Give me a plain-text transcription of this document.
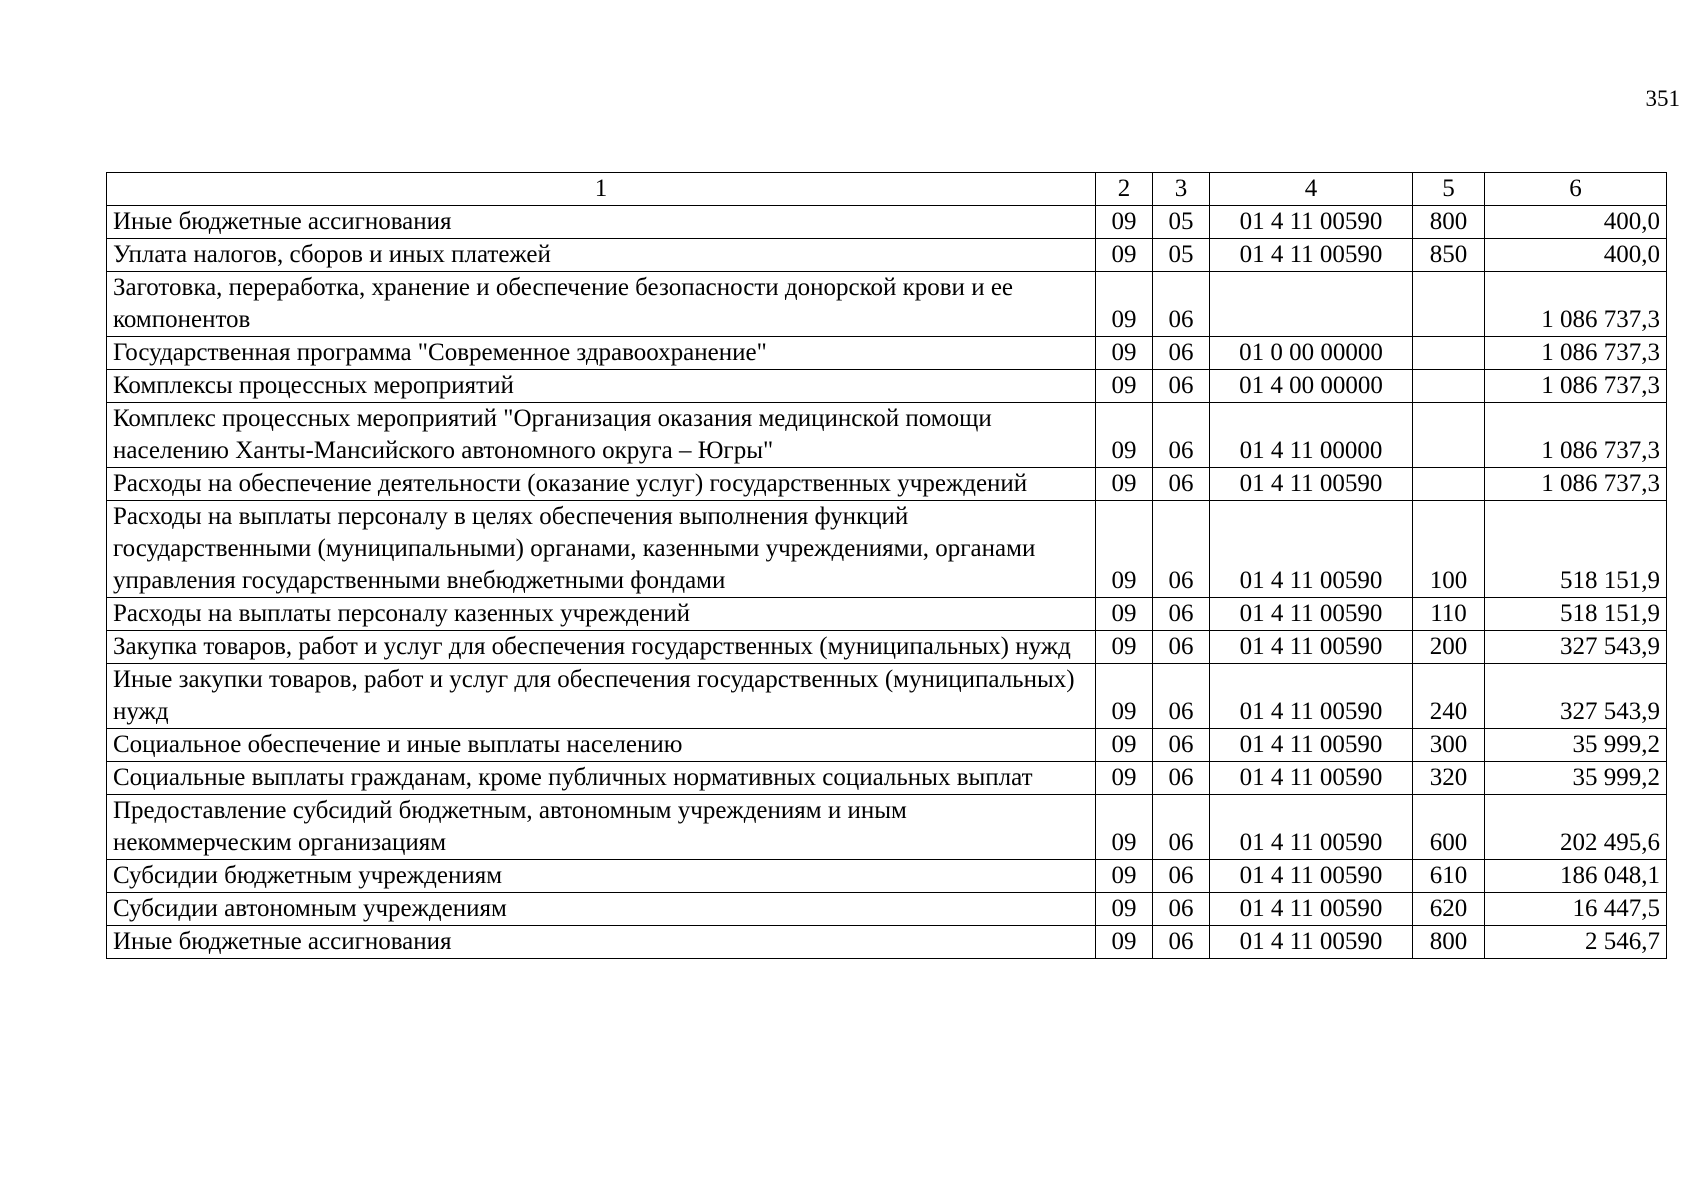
351
1	2	3	4	5	6
Иные бюджетные ассигнования	09	05	01 4 11 00590	800	400,0
Уплата налогов, сборов и иных платежей	09	05	01 4 11 00590	850	400,0
Заготовка, переработка, хранение и обеспечение безопасности донорской крови и ее компонентов	09	06			1 086 737,3
Государственная программа "Современное здравоохранение"	09	06	01 0 00 00000		1 086 737,3
Комплексы процессных мероприятий	09	06	01 4 00 00000		1 086 737,3
Комплекс процессных мероприятий "Организация оказания медицинской помощи населению Ханты-Мансийского автономного округа – Югры"	09	06	01 4 11 00000		1 086 737,3
Расходы на обеспечение деятельности (оказание услуг) государственных учреждений	09	06	01 4 11 00590		1 086 737,3
Расходы на выплаты персоналу в целях обеспечения выполнения функций государственными (муниципальными) органами, казенными учреждениями, органами управления государственными внебюджетными фондами	09	06	01 4 11 00590	100	518 151,9
Расходы на выплаты персоналу казенных учреждений	09	06	01 4 11 00590	110	518 151,9
Закупка товаров, работ и услуг для обеспечения государственных (муниципальных) нужд	09	06	01 4 11 00590	200	327 543,9
Иные закупки товаров, работ и услуг для обеспечения государственных (муниципальных) нужд	09	06	01 4 11 00590	240	327 543,9
Социальное обеспечение и иные выплаты населению	09	06	01 4 11 00590	300	35 999,2
Социальные выплаты гражданам, кроме публичных нормативных социальных выплат	09	06	01 4 11 00590	320	35 999,2
Предоставление субсидий бюджетным, автономным учреждениям и иным некоммерческим организациям	09	06	01 4 11 00590	600	202 495,6
Субсидии бюджетным учреждениям	09	06	01 4 11 00590	610	186 048,1
Субсидии автономным учреждениям	09	06	01 4 11 00590	620	16 447,5
Иные бюджетные ассигнования	09	06	01 4 11 00590	800	2 546,7
